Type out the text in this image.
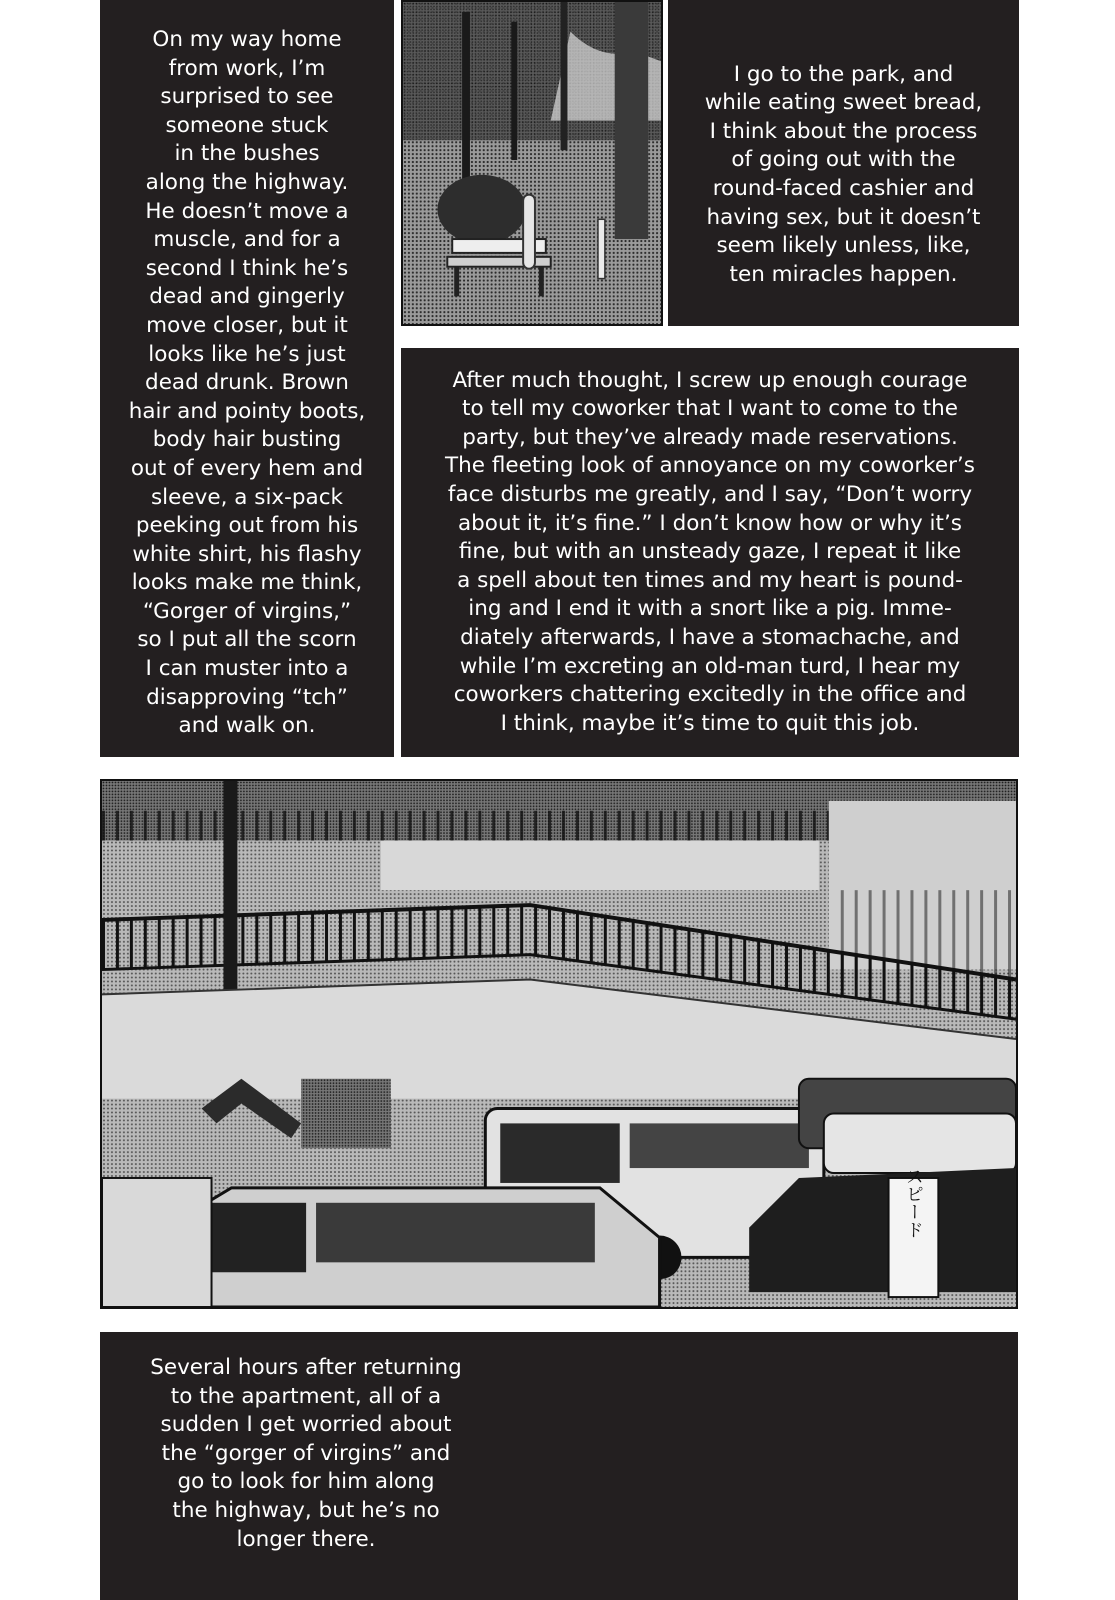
On my way home
from work, I’m
surprised to see
someone stuck
in the bushes
along the highway.
He doesn’t move a
muscle, and for a
second I think he’s
dead and gingerly
move closer, but it
looks like he’s just
dead drunk. Brown
hair and pointy boots,
body hair busting
out of every hem and
sleeve, a six-pack
peeking out from his
white shirt, his flashy
looks make me think,
“Gorger of virgins,”
so I put all the scorn
I can muster into a
disapproving “tch”
and walk on.
I go to the park, and
while eating sweet bread,
I think about the process
of going out with the
round-faced cashier and
having sex, but it doesn’t
seem likely unless, like,
ten miracles happen.
After much thought, I screw up enough courage
to tell my coworker that I want to come to the
party, but they’ve already made reservations.
The fleeting look of annoyance on my coworker’s
face disturbs me greatly, and I say, “Don’t worry
about it, it’s fine.” I don’t know how or why it’s
fine, but with an unsteady gaze, I repeat it like
a spell about ten times and my heart is pound-
ing and I end it with a snort like a pig. Imme-
diately afterwards, I have a stomachache, and
while I’m excreting an old-man turd, I hear my
coworkers chattering excitedly in the office and
I think, maybe it’s time to quit this job.
スピード
Several hours after returning
to the apartment, all of a
sudden I get worried about
the “gorger of virgins” and
go to look for him along
the highway, but he’s no
longer there.
